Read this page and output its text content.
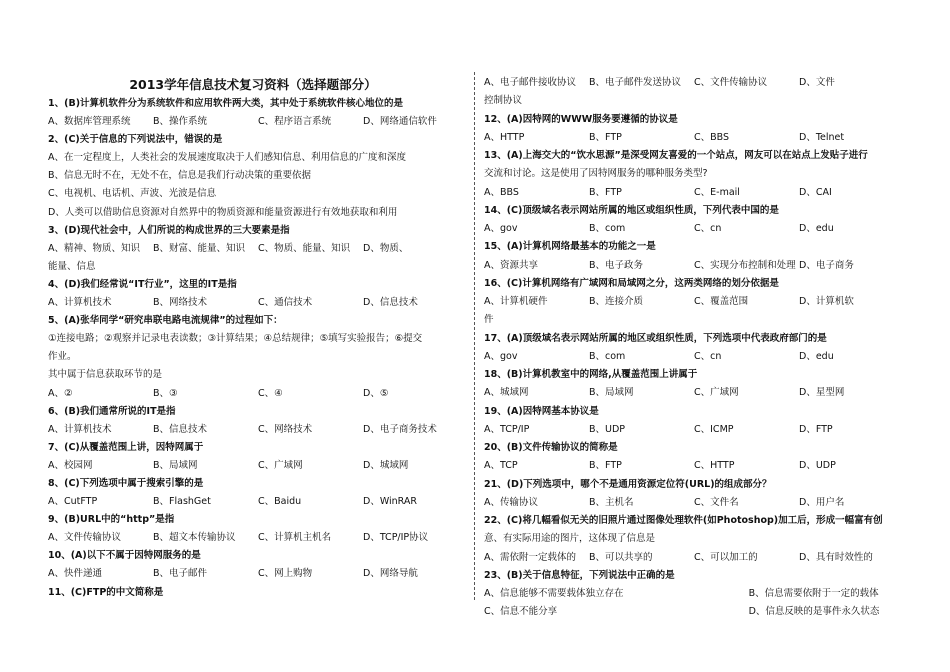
2013学年信息技术复习资料（选择题部分）
1、(B)计算机软件分为系统软件和应用软件两大类，其中处于系统软件核心地位的是
A、数据库管理系统	B、操作系统	C、程序语言系统	D、网络通信软件
2、(C)关于信息的下列说法中，错误的是
A、在一定程度上，人类社会的发展速度取决于人们感知信息、利用信息的广度和深度
B、信息无时不在，无处不在，信息是我们行动决策的重要依据
C、电视机、电话机、声波、光波是信息
D、人类可以借助信息资源对自然界中的物质资源和能量资源进行有效地获取和利用
3、(D)现代社会中，人们所说的构成世界的三大要素是指
A、精神、物质、知识	B、财富、能量、知识	C、物质、能量、知识	D、物质、
能量、信息
4、(D)我们经常说“IT行业”，这里的IT是指
A、计算机技术	B、网络技术	C、通信技术	D、信息技术
5、(A)张华同学“研究串联电路电流规律”的过程如下：
①连接电路；②观察并记录电表读数；③计算结果；④总结规律；⑤填写实验报告；⑥提交
作业。
其中属于信息获取环节的是
A、②	B、③	C、④	D、⑤
6、(B)我们通常所说的IT是指
A、计算机技术	B、信息技术	C、网络技术	D、电子商务技术
7、(C)从覆盖范围上讲，因特网属于
A、校园网	B、局域网	C、广域网	D、城域网
8、(C)下列选项中属于搜索引擎的是
A、CutFTP	B、FlashGet	C、Baidu	D、WinRAR
9、(B)URL中的“http”是指
A、文件传输协议	B、超文本传输协议	C、计算机主机名	D、TCP/IP协议
10、(A)以下不属于因特网服务的是
A、快件递通	B、电子邮件	C、网上购物	D、网络导航
11、(C)FTP的中文简称是
A、电子邮件接收协议	B、电子邮件发送协议	C、文件传输协议	D、文件
控制协议
12、(A)因特网的WWW服务要遵循的协议是
A、HTTP	B、FTP	C、BBS	D、Telnet
13、(A)上海交大的“饮水思源”是深受网友喜爱的一个站点，网友可以在站点上发贴子进行
交流和讨论。这是使用了因特网服务的哪种服务类型?
A、BBS	B、FTP	C、E-mail	D、CAI
14、(C)顶级域名表示网站所属的地区或组织性质，下列代表中国的是
A、gov	B、com	C、cn	D、edu
15、(A)计算机网络最基本的功能之一是
A、资源共享	B、电子政务	C、实现分布控制和处理 D、电子商务
16、(C)计算机网络有广域网和局域网之分，这两类网络的划分依据是
A、计算机硬件	B、连接介质	C、覆盖范围	D、计算机软
件
17、(A)顶级域名表示网站所属的地区或组织性质，下列选项中代表政府部门的是
A、gov	B、com	C、cn	D、edu
18、(B)计算机教室中的网络,从覆盖范围上讲属于
A、城域网	B、局域网	C、广域网	D、星型网
19、(A)因特网基本协议是
A、TCP/IP	B、UDP	C、ICMP	D、FTP
20、(B)文件传输协议的简称是
A、TCP	B、FTP	C、HTTP	D、UDP
21、(D)下列选项中，哪个不是通用资源定位符(URL)的组成部分？
A、传输协议	B、主机名	C、文件名	D、用户名
22、(C)将几幅看似无关的旧照片通过图像处理软件(如Photoshop)加工后，形成一幅富有创
意、有实际用途的图片，这体现了信息是
A、需依附一定载体的	B、可以共享的	C、可以加工的	D、具有时效性的
23、(B)关于信息特征，下列说法中正确的是
A、信息能够不需要载体独立存在	B、信息需要依附于一定的载体
C、信息不能分享	D、信息反映的是事件永久状态
